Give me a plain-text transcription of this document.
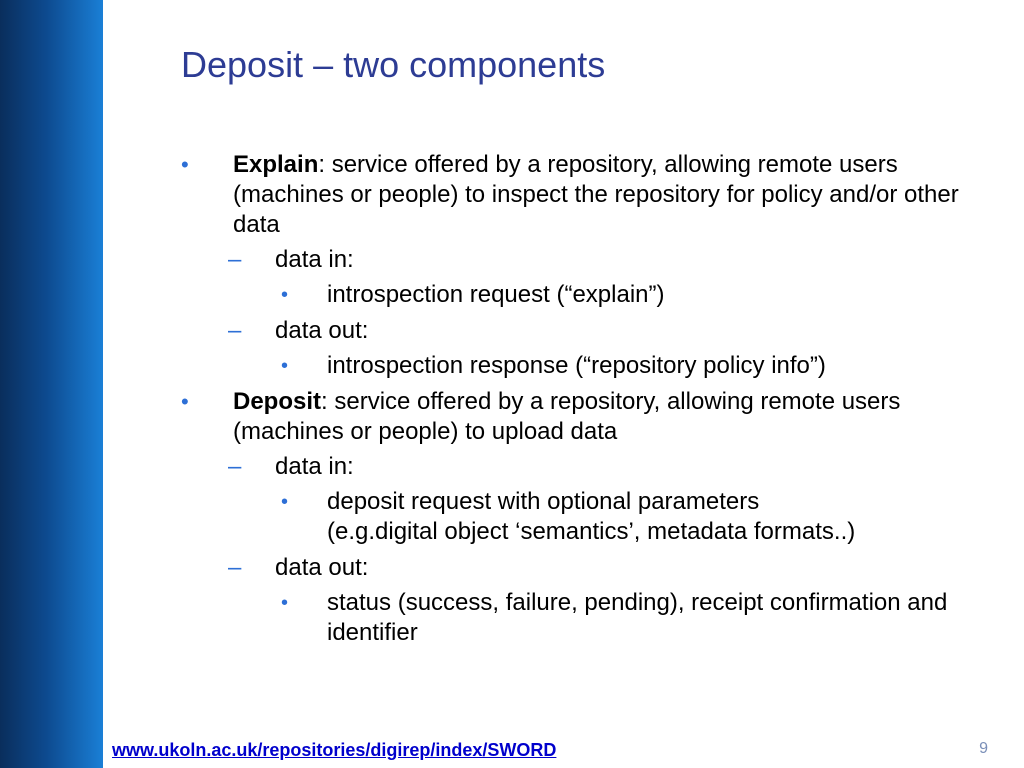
Deposit – two components
• Explain: service offered by a repository, allowing remote users (machines or people) to inspect the repository for policy and/or other data
– data in:
• introspection request (“explain”)
– data out:
• introspection response (“repository policy info”)
• Deposit: service offered by a repository, allowing remote users (machines or people) to upload data
– data in:
• deposit request with optional parameters
(e.g.digital object ‘semantics’, metadata formats..)
– data out:
• status (success, failure, pending), receipt confirmation and identifier
www.ukoln.ac.uk/repositories/digirep/index/SWORD	9
